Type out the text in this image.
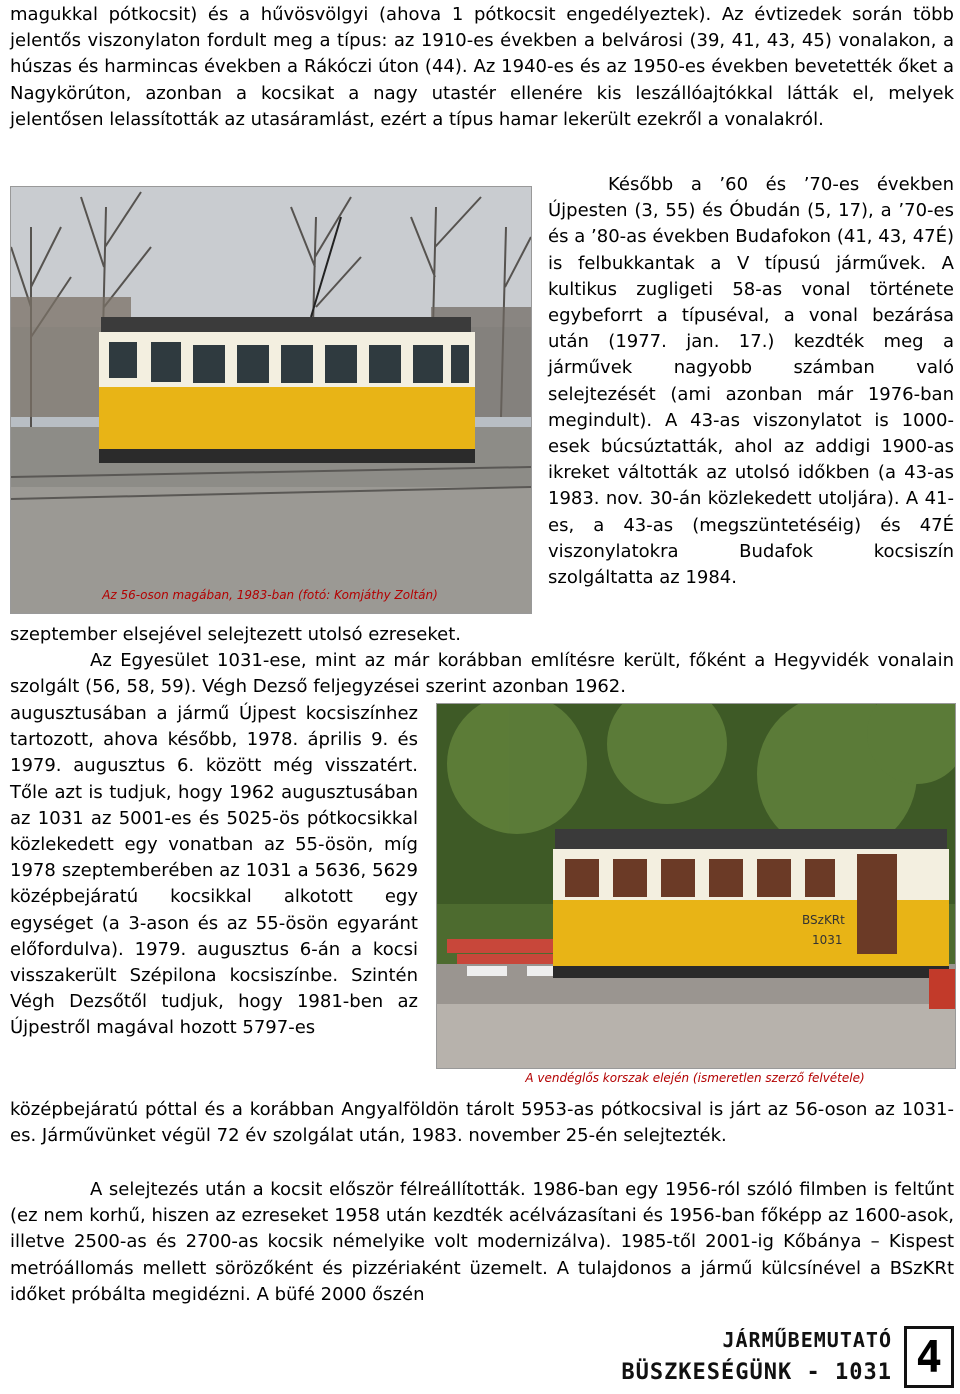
magukkal pótkocsit) és a hűvösvölgyi (ahova 1 pótkocsit engedélyeztek). Az évtizedek során több jelentős viszonylaton fordult meg a típus: az 1910-es években a belvárosi (39, 41, 43, 45) vonalakon, a húszas és harmincas években a Rákóczi úton (44). Az 1940-es és az 1950-es években bevetették őket a Nagykörúton, azonban a kocsikat a nagy utastér ellenére kis leszállóajtókkal látták el, melyek jelentősen lelassították az utasáramlást, ezért a típus hamar lekerült ezekről a vonalakról.

Az 56-oson magában, 1983-ban (fotó: Komjáthy Zoltán)

Később a ’60 és ’70-es években Újpesten (3, 55) és Óbudán (5, 17), a ’70-es és a ’80-as években Budafokon (41, 43, 47É) is felbukkantak a V típusú járművek. A kultikus zugligeti 58-as vonal története egybeforrt a típuséval, a vonal bezárása után (1977. jan. 17.) kezdték meg a járművek nagyobb számban való selejtezését (ami azonban már 1976-ban megindult). A 43-as viszonylatot is 1000-esek búcsúztatták, ahol az addigi 1900-as ikreket váltották az utolsó időkben (a 43-as 1983. nov. 30-án közlekedett utoljára). A 41-es, a 43-as (megszüntetéséig) és 47É viszonylatokra Budafok kocsiszín szolgáltatta az 1984.

szeptember elsejével selejtezett utolsó ezreseket.

Az Egyesület 1031-ese, mint az már korábban említésre került, főként a Hegyvidék vonalain szolgált (56, 58, 59). Végh Dezső feljegyzései szerint azonban 1962.

BSzKRt
1031
A vendéglős korszak elején (ismeretlen szerző felvétele)

augusztusában a jármű Újpest kocsiszínhez tartozott, ahova később, 1978. április 9. és 1979. augusztus 6. között még visszatért. Tőle azt is tudjuk, hogy 1962 augusztusában az 1031 az 5001-es és 5025-ös pótkocsikkal közlekedett egy vonatban az 55-ösön, míg 1978 szeptemberében az 1031 a 5636, 5629 középbejáratú kocsikkal alkotott egy egységet (a 3-ason és az 55-ösön egyaránt előfordulva). 1979. augusztus 6-án a kocsi visszakerült Szépilona kocsiszínbe. Szintén Végh Dezsőtől tudjuk, hogy 1981-ben az Újpestről magával hozott 5797-es

középbejáratú póttal és a korábban Angyalföldön tárolt 5953-as pótkocsival is járt az 56-oson az 1031-es. Járművünket végül 72 év szolgálat után, 1983. november 25-én selejtezték.

A selejtezés után a kocsit először félreállították. 1986-ban egy 1956-ról szóló filmben is feltűnt (ez nem korhű, hiszen az ezreseket 1958 után kezdték acélvázasítani és 1956-ban főképp az 1600-asok, illetve 2500-as és 2700-as kocsik némelyike volt modernizálva). 1985-től 2001-ig Kőbánya – Kispest metróállomás mellett sörözőként és pizzériaként üzemelt. A tulajdonos a jármű külcsínével a BSzKRt időket próbálta megidézni. A büfé 2000 őszén

JÁRMŰBEMUTATÓ
BÜSZKESÉGÜNK - 1031 4
